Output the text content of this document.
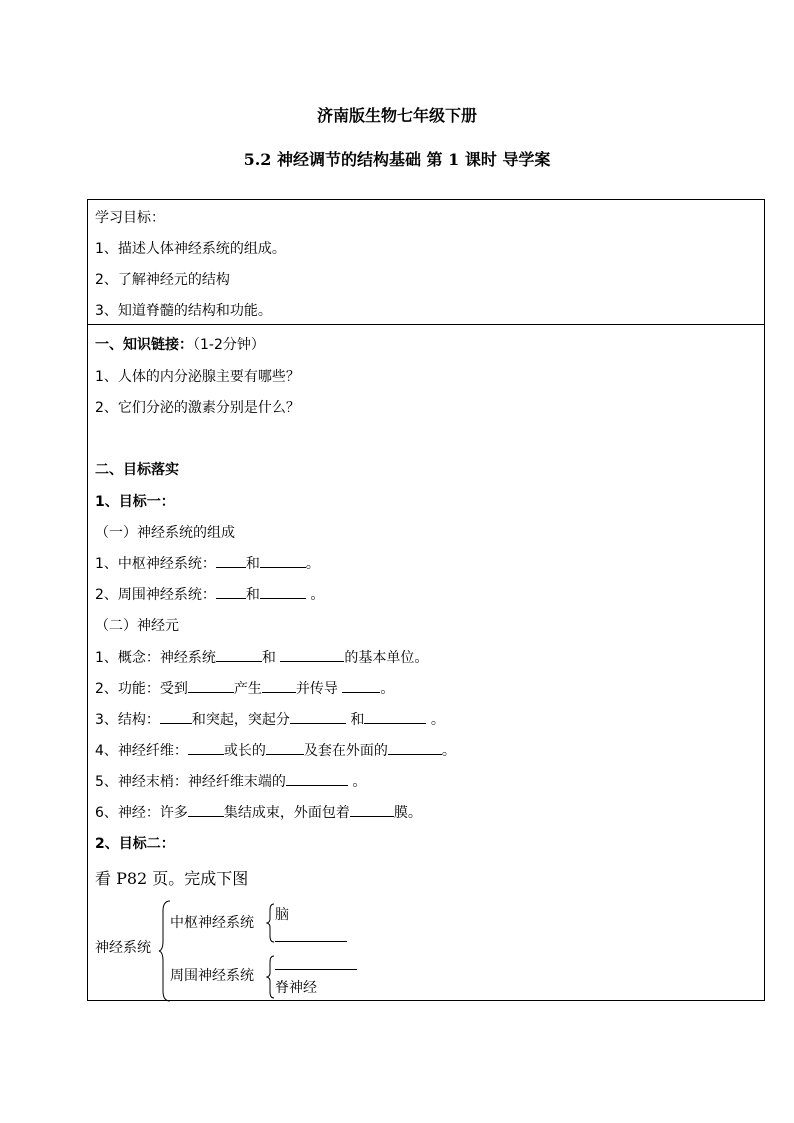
济南版生物七年级下册
5.2 神经调节的结构基础 第 1 课时 导学案
学习目标：
1、描述人体神经系统的组成。
2、了解神经元的结构
3、知道脊髓的结构和功能。
一、知识链接：（1-2分钟）
1、人体的内分泌腺主要有哪些？
2、它们分泌的激素分别是什么？
二、目标落实
1、目标一：
（一）神经系统的组成
1、中枢神经系统： 和	。
2、周围神经系统： 和	。
（二）神经元
1、概念：神经系统	和	的基本单位。
2、功能：受到	产生 并传导	。
3、结构： 和突起，突起分	和	。
4、神经纤维：	或长的	及套在外面的	。
5、神经末梢：神经纤维末端的	。
6、神经：许多	集结成束，外面包着	膜。
2、目标二：
看 P82 页。完成下图
神经系统
中枢神经系统
周围神经系统
脑
脊神经
